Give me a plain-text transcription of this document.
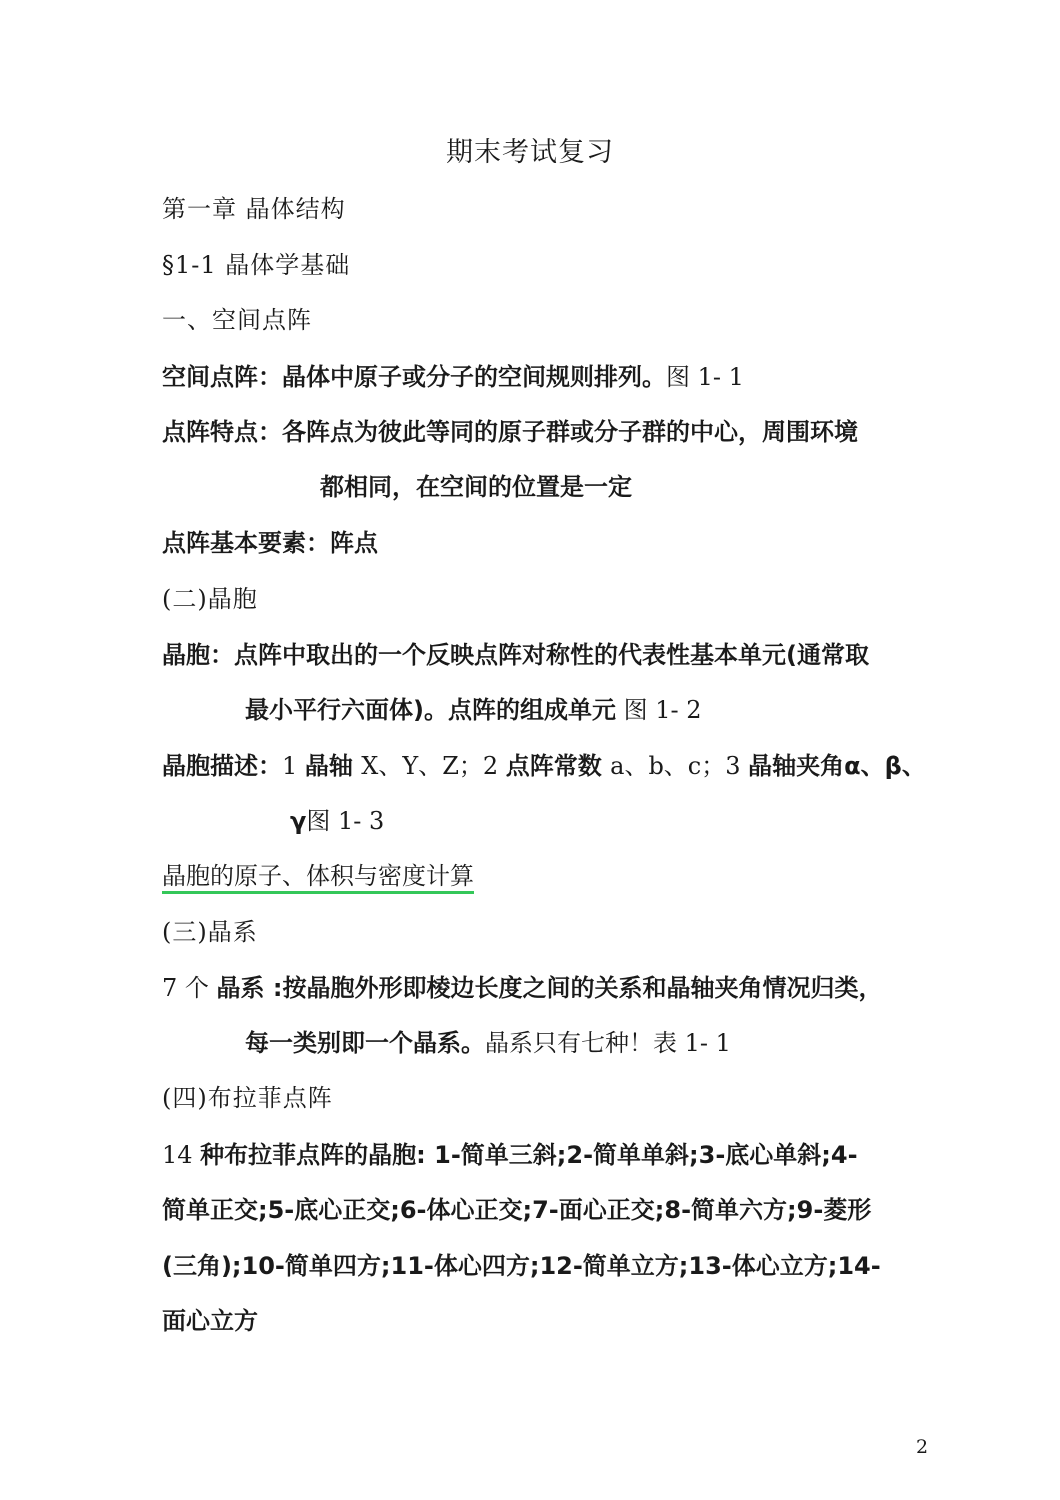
期末考试复习
第一章 晶体结构
§1-1 晶体学基础
一、空间点阵
空间点阵：晶体中原子或分子的空间规则排列。图 1- 1
点阵特点：各阵点为彼此等同的原子群或分子群的中心，周围环境
都相同，在空间的位置是一定
点阵基本要素：阵点
(二)晶胞
晶胞：点阵中取出的一个反映点阵对称性的代表性基本单元(通常取
最小平行六面体)。点阵的组成单元 图 1- 2
晶胞描述：1 晶轴 X、Y、Z；2 点阵常数 a、b、c；3 晶轴夹角α、β、
γ图 1- 3
晶胞的原子、体积与密度计算
(三)晶系
7 个 晶系 :按晶胞外形即棱边长度之间的关系和晶轴夹角情况归类，
每一类别即一个晶系。晶系只有七种！表 1- 1
(四)布拉菲点阵
14 种布拉菲点阵的晶胞: 1-简单三斜;2-简单单斜;3-底心单斜;4-
简单正交;5-底心正交;6-体心正交;7-面心正交;8-简单六方;9-菱形
(三角);10-简单四方;11-体心四方;12-简单立方;13-体心立方;14-
面心立方
2
